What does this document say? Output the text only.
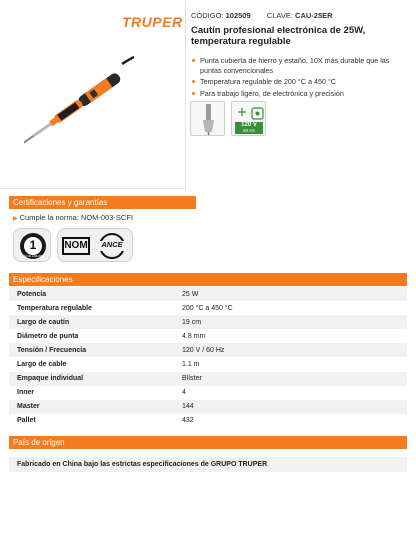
TRUPER CÓDIGO: 102509 CLAVE: CAU-25ER
Cautín profesional electrónica de 25W, temperatura regulable
Punta cubierta de hierro y estaño, 10X más durable que las puntas convencionales
Temperatura regulable de 200 °C a 450 °C
Para trabajo ligero, de electrónica y precisión
120 V
60 Hz
Certificaciones y garantías
▶ Cumple la norma: NOM-003-SCFI
1
AÑO DE GARANTÍA
NOM	ANCE
Especificaciones
Potencia	25 W
Temperatura regulable	200 °C a 450 °C
Largo de cautín	19 cm
Diámetro de punta	4.8 mm
Tensión / Frecuencia	120 V / 60 Hz
Largo de cable	1.1 m
Empaque individual	Blíster
Inner	4
Master	144
Pallet	432
País de origen
Fabricado en China bajo las estrictas especificaciones de GRUPO TRUPER
